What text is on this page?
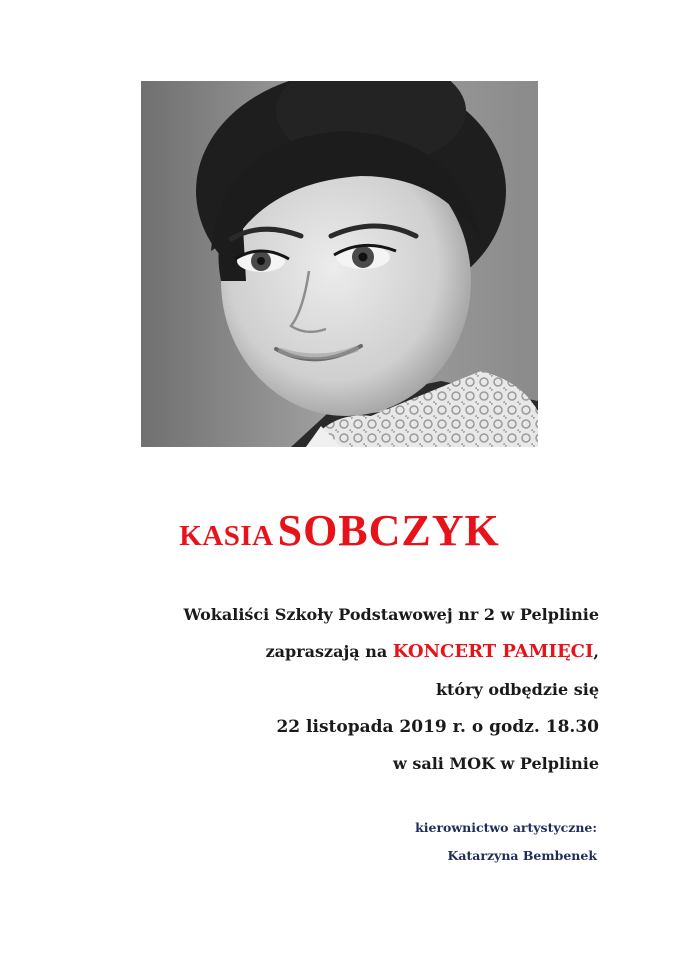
KASIA SOBCZYK
Wokaliści Szkoły Podstawowej nr 2 w Pelplinie
zapraszają na KONCERT PAMIĘCI,
który odbędzie się
22 listopada 2019 r. o godz. 18.30
w sali MOK w Pelplinie
kierownictwo artystyczne:
Katarzyna Bembenek
